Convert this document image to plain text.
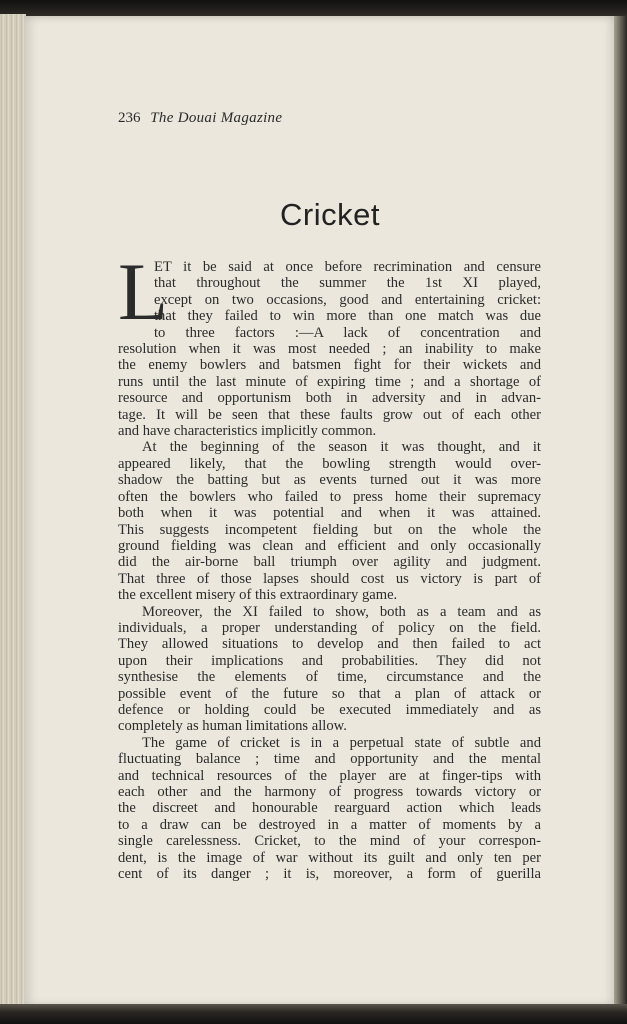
236 The Douai Magazine
Cricket

L
ET it be said at once before recrimination and censure
that throughout the summer the 1st XI played,
except on two occasions, good and entertaining cricket:
that they failed to win more than one match was due
to three factors :—A lack of concentration and
resolution when it was most needed ; an inability to make
the enemy bowlers and batsmen fight for their wickets and
runs until the last minute of expiring time ; and a shortage of
resource and opportunism both in adversity and in advan-
tage. It will be seen that these faults grow out of each other
and have characteristics implicitly common.

At the beginning of the season it was thought, and it
appeared likely, that the bowling strength would over-
shadow the batting but as events turned out it was more
often the bowlers who failed to press home their supremacy
both when it was potential and when it was attained.
This suggests incompetent fielding but on the whole the
ground fielding was clean and efficient and only occasionally
did the air-borne ball triumph over agility and judgment.
That three of those lapses should cost us victory is part of
the excellent misery of this extraordinary game.

Moreover, the XI failed to show, both as a team and as
individuals, a proper understanding of policy on the field.
They allowed situations to develop and then failed to act
upon their implications and probabilities. They did not
synthesise the elements of time, circumstance and the
possible event of the future so that a plan of attack or
defence or holding could be executed immediately and as
completely as human limitations allow.

The game of cricket is in a perpetual state of subtle and
fluctuating balance ; time and opportunity and the mental
and technical resources of the player are at finger-tips with
each other and the harmony of progress towards victory or
the discreet and honourable rearguard action which leads
to a draw can be destroyed in a matter of moments by a
single carelessness. Cricket, to the mind of your correspon-
dent, is the image of war without its guilt and only ten per
cent of its danger ; it is, moreover, a form of guerilla
